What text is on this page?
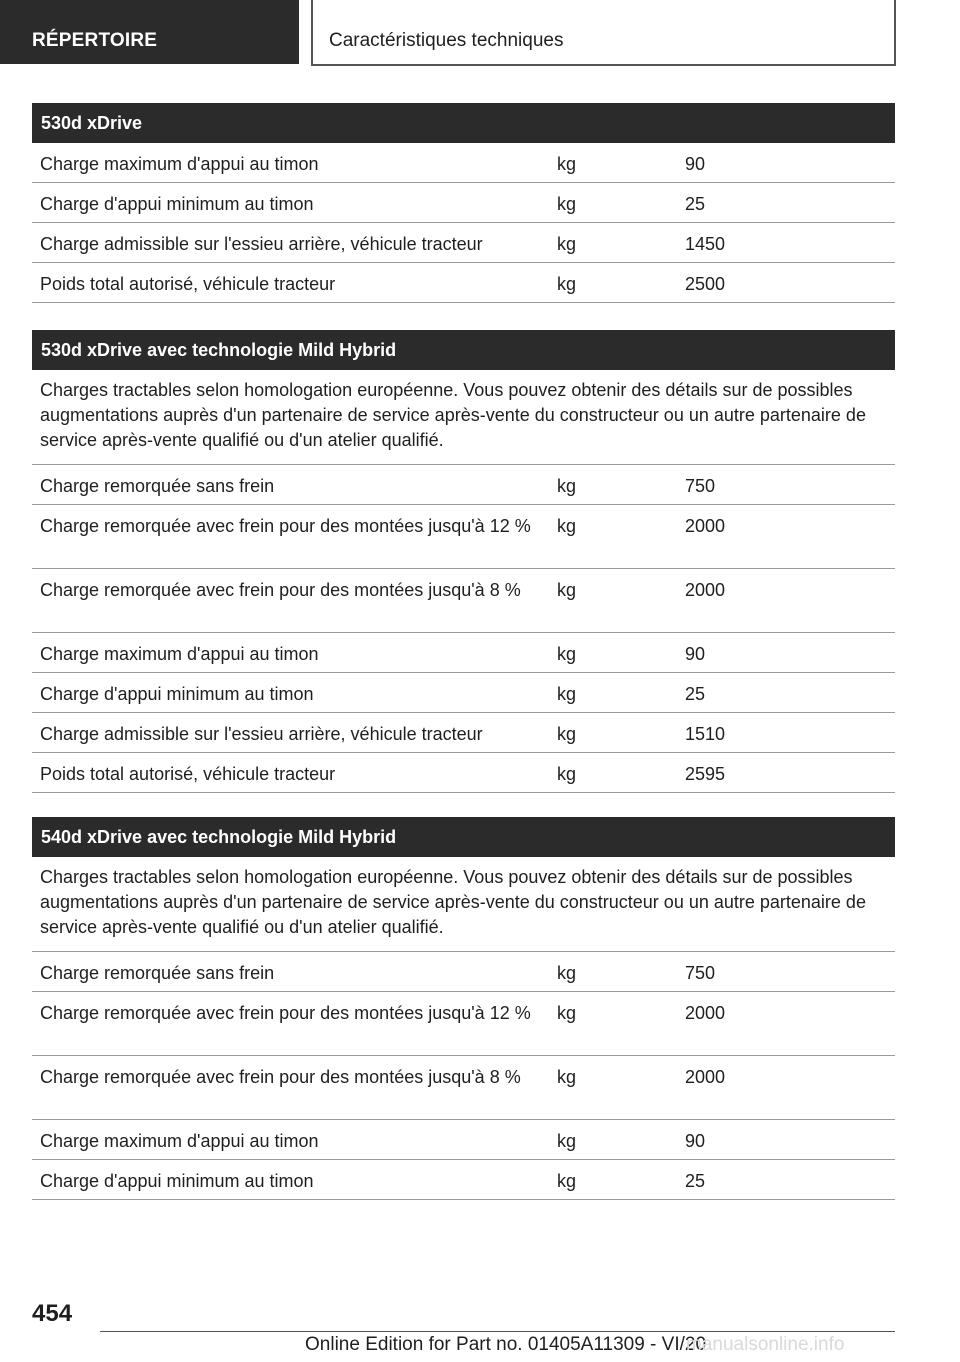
RÉPERTOIRE	Caractéristiques techniques
530d xDrive
Charge maximum d'appui au timon	kg	90
Charge d'appui minimum au timon	kg	25
Charge admissible sur l'essieu arrière, véhicule tracteur	kg	1450
Poids total autorisé, véhicule tracteur	kg	2500
530d xDrive avec technologie Mild Hybrid
Charges tractables selon homologation européenne. Vous pouvez obtenir des détails sur de possibles augmentations auprès d'un partenaire de service après-vente du constructeur ou un autre partenaire de service après-vente qualifié ou d'un atelier qualifié.
Charge remorquée sans frein	kg	750
Charge remorquée avec frein pour des montées jusqu'à 12 %	kg	2000
Charge remorquée avec frein pour des montées jusqu'à 8 %	kg	2000
Charge maximum d'appui au timon	kg	90
Charge d'appui minimum au timon	kg	25
Charge admissible sur l'essieu arrière, véhicule tracteur	kg	1510
Poids total autorisé, véhicule tracteur	kg	2595
540d xDrive avec technologie Mild Hybrid
Charges tractables selon homologation européenne. Vous pouvez obtenir des détails sur de possibles augmentations auprès d'un partenaire de service après-vente du constructeur ou un autre partenaire de service après-vente qualifié ou d'un atelier qualifié.
Charge remorquée sans frein	kg	750
Charge remorquée avec frein pour des montées jusqu'à 12 %	kg	2000
Charge remorquée avec frein pour des montées jusqu'à 8 %	kg	2000
Charge maximum d'appui au timon	kg	90
Charge d'appui minimum au timon	kg	25
454
Online Edition for Part no. 01405A11309 - VI/20
manualsonline.info
